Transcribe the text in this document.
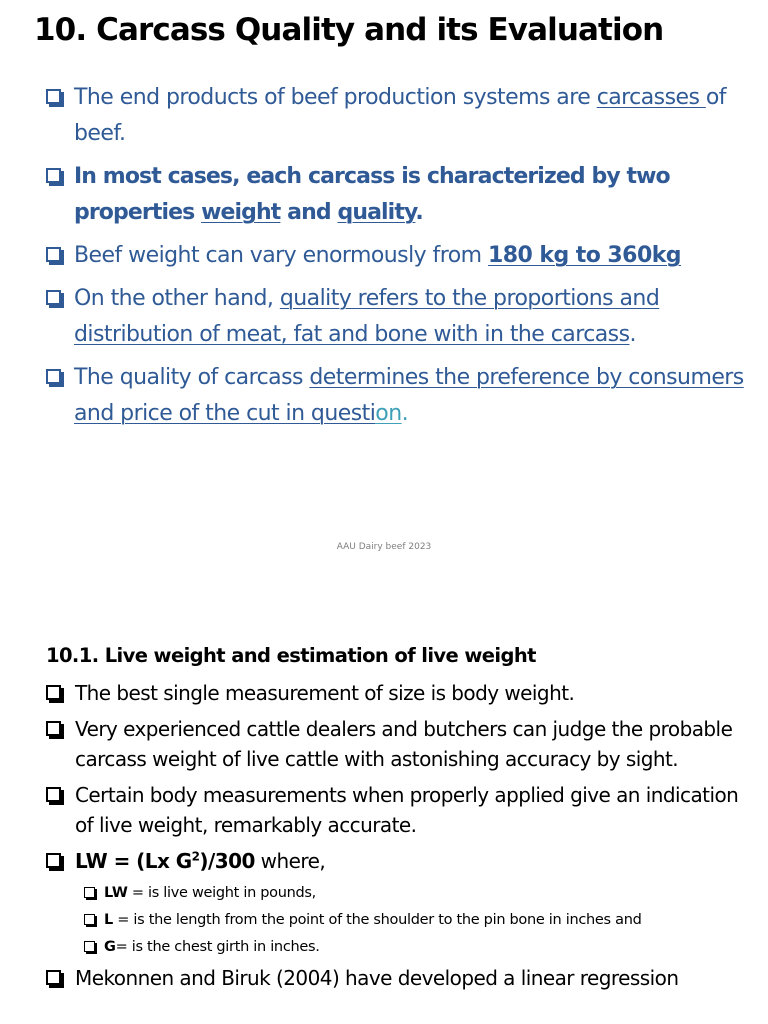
10. Carcass Quality and its Evaluation
The end products of beef production systems are carcasses of beef.
In most cases, each carcass is characterized by two properties weight and quality.
Beef weight can vary enormously from 180 kg to 360kg
On the other hand, quality refers to the proportions and distribution of meat, fat and bone with in the carcass.
The quality of carcass determines the preference by consumers and price of the cut in question.
AAU Dairy beef 2023
10.1. Live weight and estimation of live weight
The best single measurement of size is body weight.
Very experienced cattle dealers and butchers can judge the probable carcass weight of live cattle with astonishing accuracy by sight.
Certain body measurements when properly applied give an indication of live weight, remarkably accurate.
LW = (Lx $G^2)/300$ where,
LW = is live weight in pounds,
L = is the length from the point of the shoulder to the pin bone in inches and
G= is the chest girth in inches.
Mekonnen and Biruk (2004) have developed a linear regression
